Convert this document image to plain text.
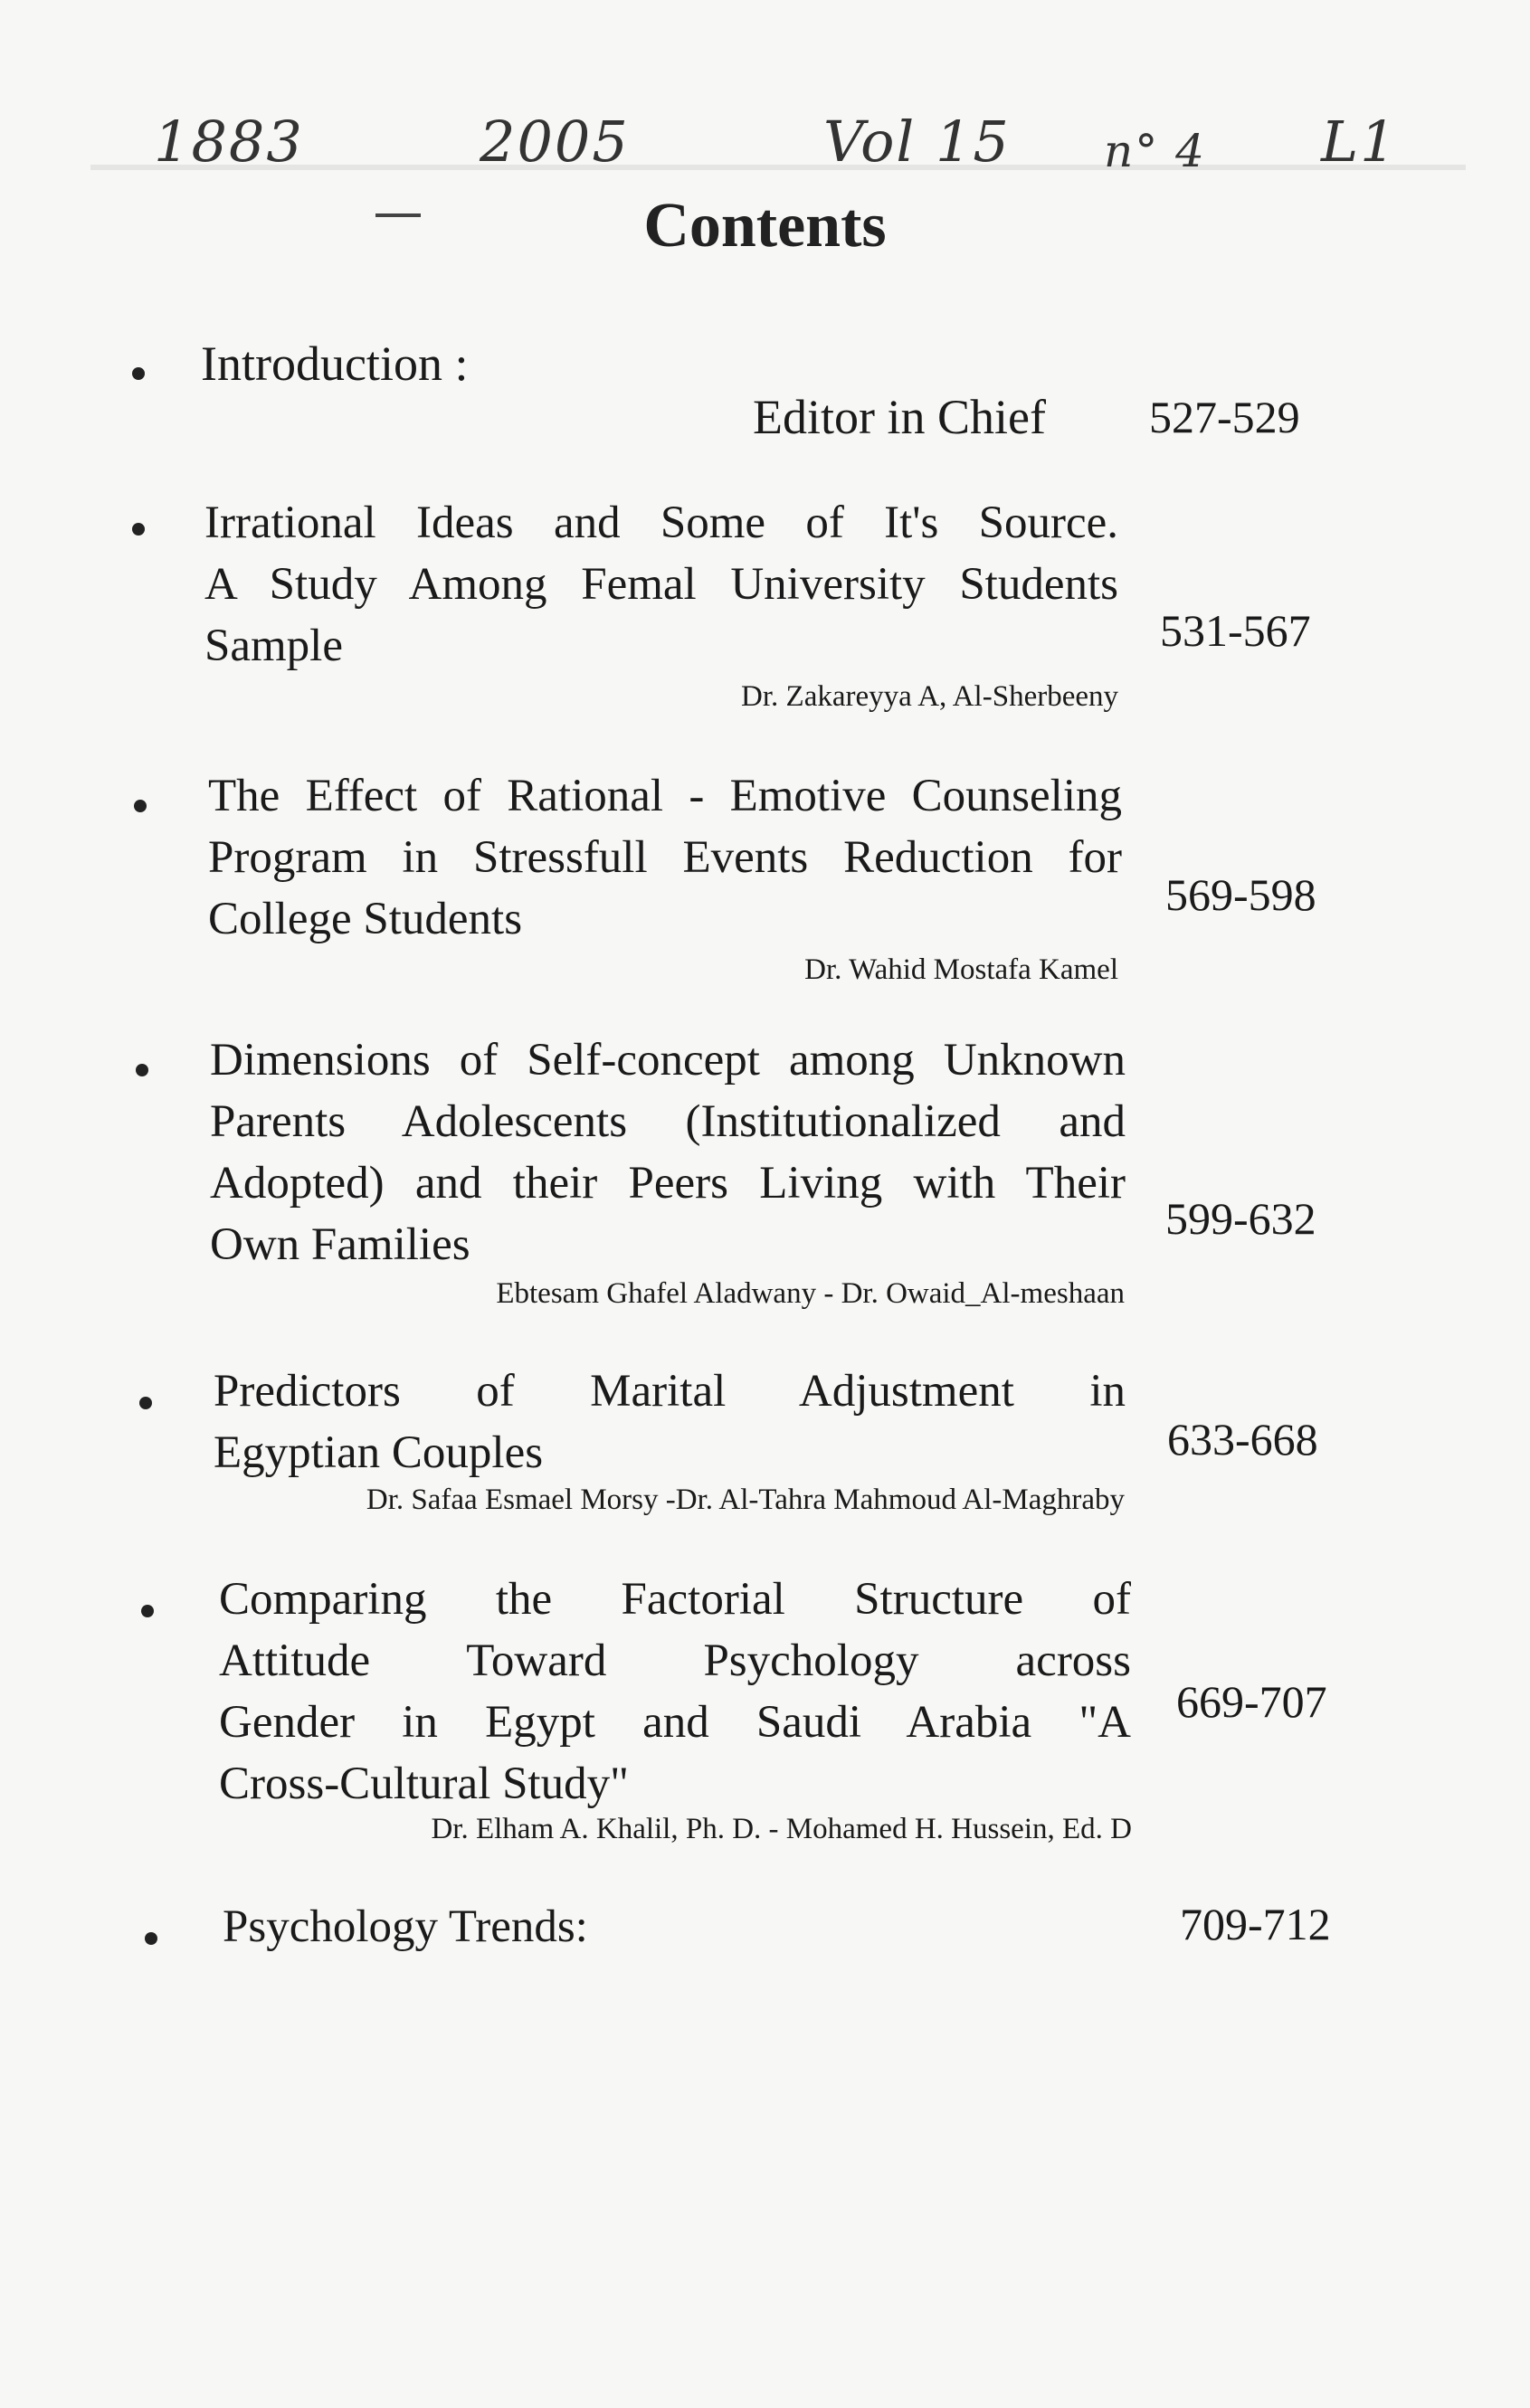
1883	2005	Vol 15 n° 4 L1
Contents
Introduction :
Editor in Chief 527-529
Irrational Ideas and Some of It's Source.
A Study Among Femal University Students
Sample	531-567
Dr. Zakareyya A, Al-Sherbeeny
The Effect of Rational - Emotive Counseling
Program in Stressfull Events Reduction for
College Students	569-598
Dr. Wahid Mostafa Kamel
Dimensions of Self-concept among Unknown
Parents Adolescents (Institutionalized and
Adopted) and their Peers Living with Their
Own Families
599-632
Ebtesam Ghafel Aladwany - Dr. Owaid_Al-meshaan
Predictors of Marital Adjustment in
Egyptian Couples	633-668
Dr. Safaa Esmael Morsy -Dr. Al-Tahra Mahmoud Al-Maghraby
Comparing the Factorial Structure of
Attitude Toward Psychology across
Gender in Egypt and Saudi Arabia "A
Cross-Cultural Study"
669-707
Dr. Elham A. Khalil, Ph. D. - Mohamed H. Hussein, Ed. D
Psychology Trends:	709-712
